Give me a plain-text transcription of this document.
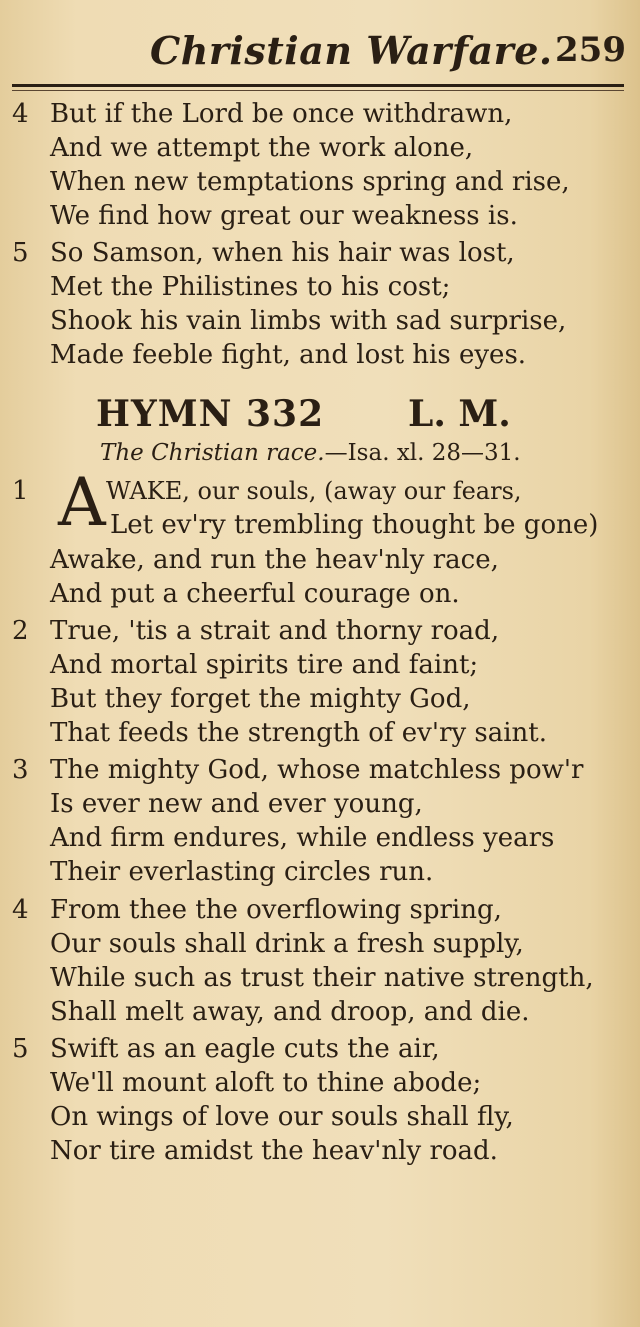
Christian Warfare. 259
4 But if the Lord be once withdrawn,
And we attempt the work alone,
When new temptations spring and rise,
We find how great our weakness is.
5 So Samson, when his hair was lost,
Met the Philistines to his cost;
Shook his vain limbs with sad surprise,
Made feeble fight, and lost his eyes.
HYMN 332 L. M.
The Christian race.—Isa. xl. 28—31.
1 A WAKE, our souls, (away our fears,
Let ev'ry trembling thought be gone)
Awake, and run the heav'nly race,
And put a cheerful courage on.
2 True, 'tis a strait and thorny road,
And mortal spirits tire and faint;
But they forget the mighty God,
That feeds the strength of ev'ry saint.
3 The mighty God, whose matchless pow'r
Is ever new and ever young,
And firm endures, while endless years
Their everlasting circles run.
4 From thee the overflowing spring,
Our souls shall drink a fresh supply,
While such as trust their native strength,
Shall melt away, and droop, and die.
5 Swift as an eagle cuts the air,
We'll mount aloft to thine abode;
On wings of love our souls shall fly,
Nor tire amidst the heav'nly road.
